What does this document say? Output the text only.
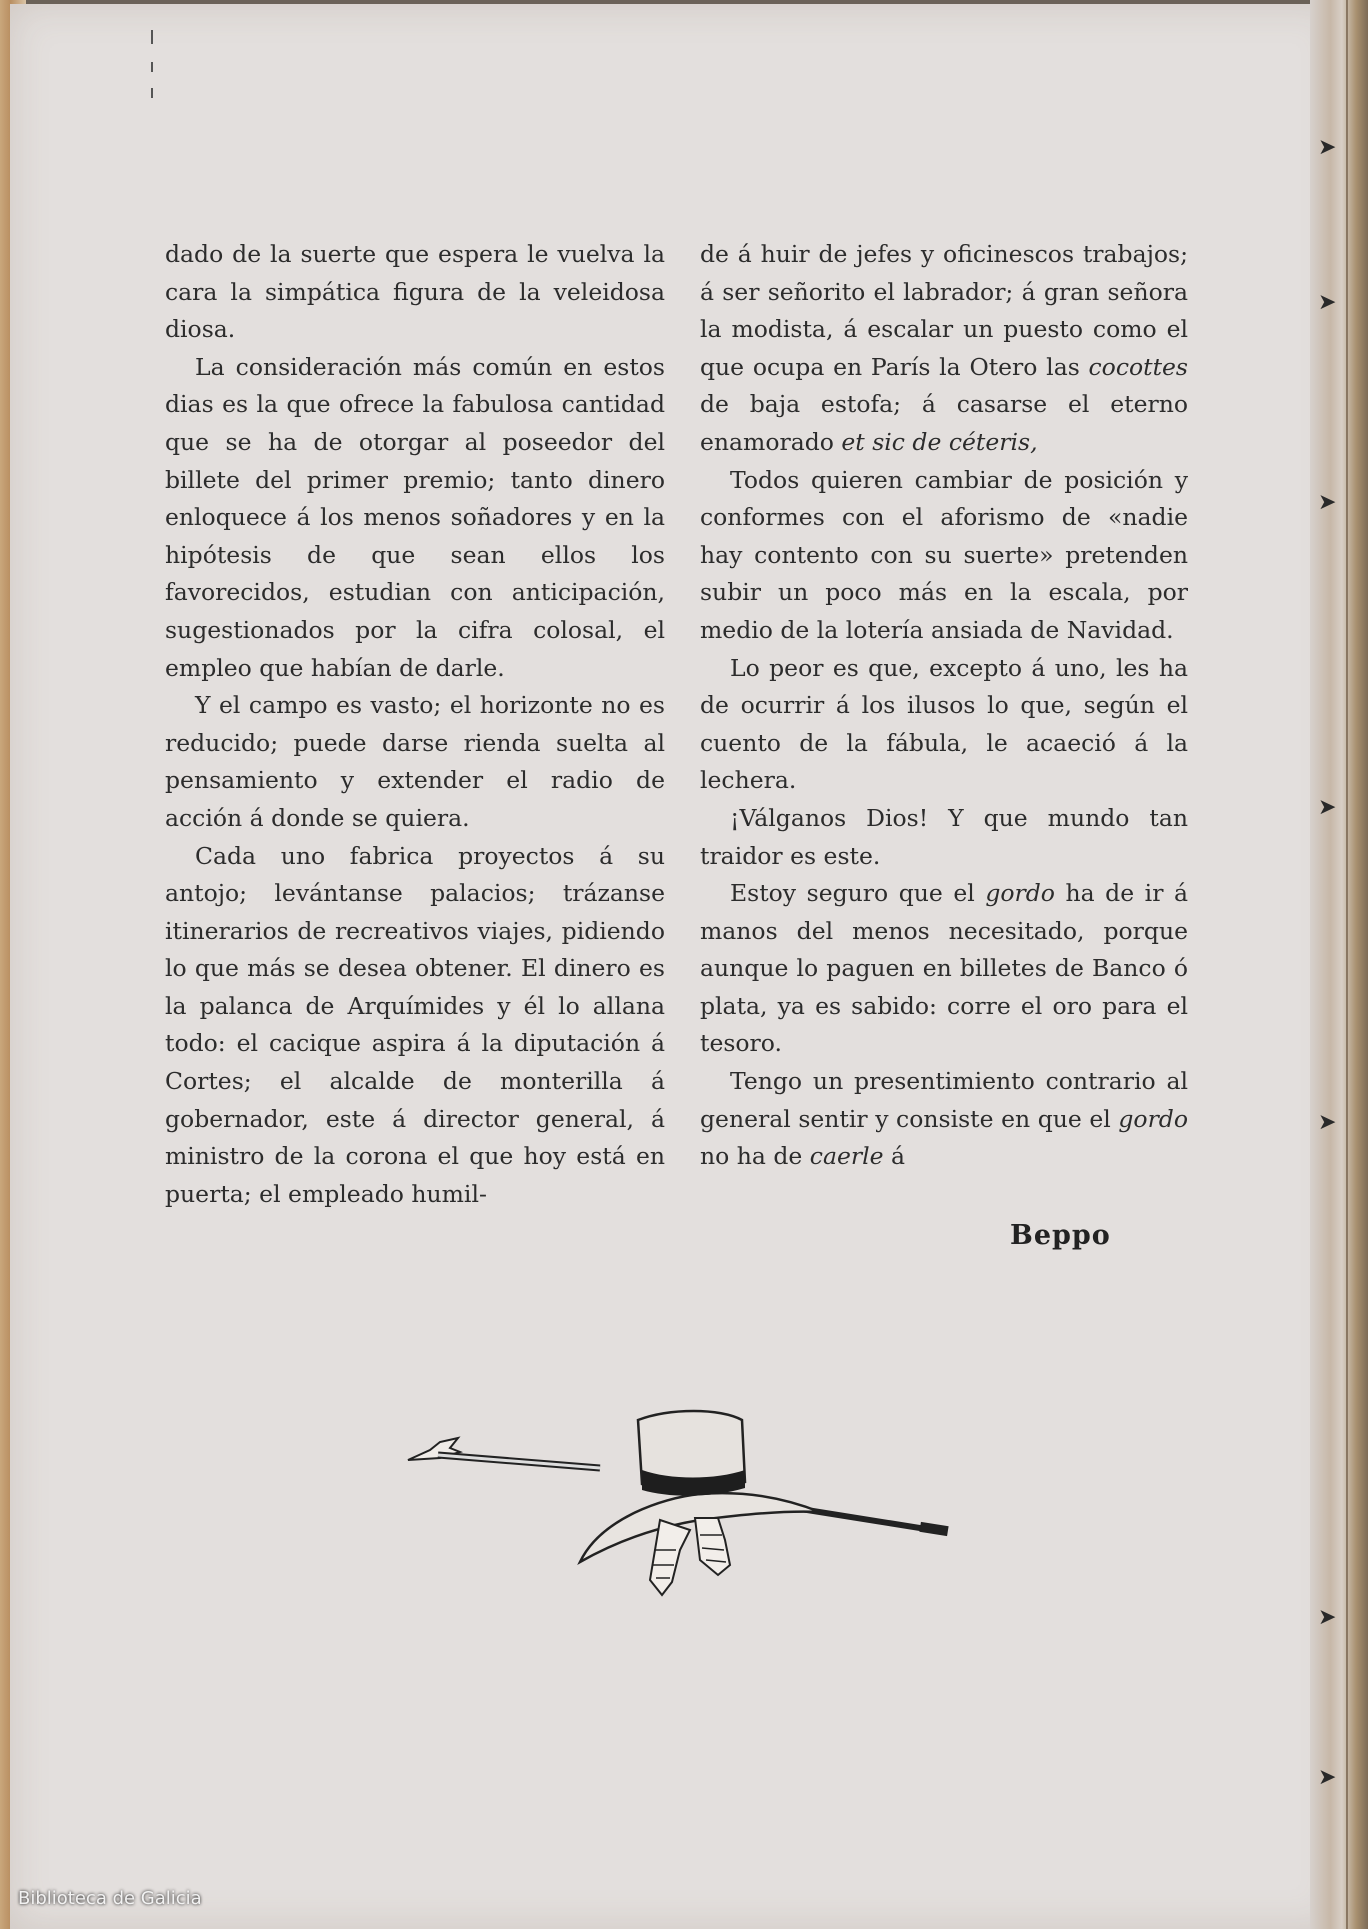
➤
➤
➤
➤
➤
➤
➤

dado de la suerte que espera le vuelva la cara la simpática figura de la veleidosa diosa.

La consideración más común en estos dias es la que ofrece la fabulosa cantidad que se ha de otorgar al poseedor del billete del primer premio; tanto dinero enloquece á los menos soñadores y en la hipótesis de que sean ellos los favorecidos, estudian con anticipación, sugestionados por la cifra colosal, el empleo que habían de darle.

Y el campo es vasto; el horizonte no es reducido; puede darse rienda suelta al pensamiento y extender el radio de acción á donde se quiera.

Cada uno fabrica proyectos á su antojo; levántanse palacios; trázanse itinerarios de recreativos viajes, pidiendo lo que más se desea obtener. El dinero es la palanca de Arquímides y él lo allana todo: el cacique aspira á la diputación á Cortes; el alcalde de monterilla á gobernador, este á director general, á ministro de la corona el que hoy está en puerta; el empleado humil-

de á huir de jefes y oficinescos trabajos; á ser señorito el labrador; á gran señora la modista, á escalar un puesto como el que ocupa en París la Otero las cocottes de baja estofa; á casarse el eterno enamorado et sic de céteris,

Todos quieren cambiar de posición y conformes con el aforismo de «nadie hay contento con su suerte» pretenden subir un poco más en la escala, por medio de la lotería ansiada de Navidad.

Lo peor es que, excepto á uno, les ha de ocurrir á los ilusos lo que, según el cuento de la fábula, le acaeció á la lechera.

¡Válganos Dios! Y que mundo tan traidor es este.

Estoy seguro que el gordo ha de ir á manos del menos necesitado, porque aunque lo paguen en billetes de Banco ó plata, ya es sabido: corre el oro para el tesoro.

Tengo un presentimiento contrario al general sentir y consiste en que el gordo no ha de caerle á

Beppo
Biblioteca de Galicia
